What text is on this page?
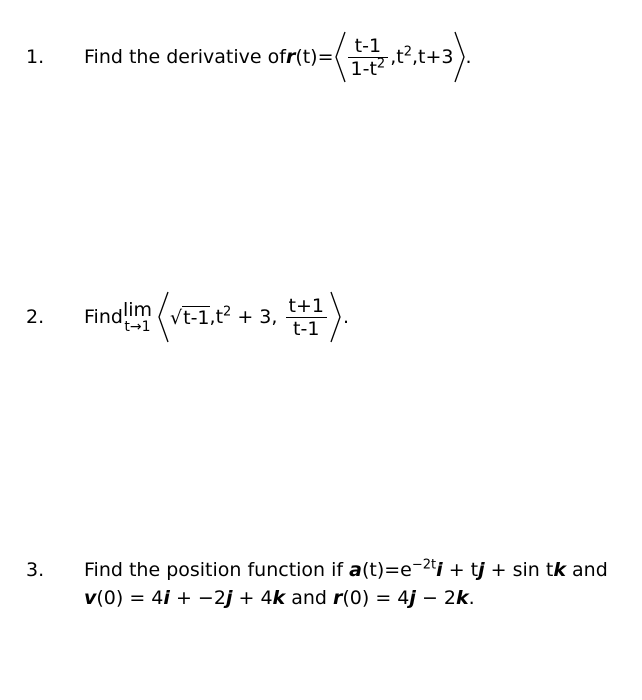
1. Find the derivative $ofr(t)= \frac{t-1}{1-t^2} ,t^2,t+3$ .
2. Findlim
t→1 $√t-1,t^2 + 3$, $\frac{t+1}{t-1}$ .
3. Find the position function if $a(t)=e^{-2t}i$ + tj + sin tk and
v(0) = 4i + −2j + 4k and r(0) = 4j − 2k.
